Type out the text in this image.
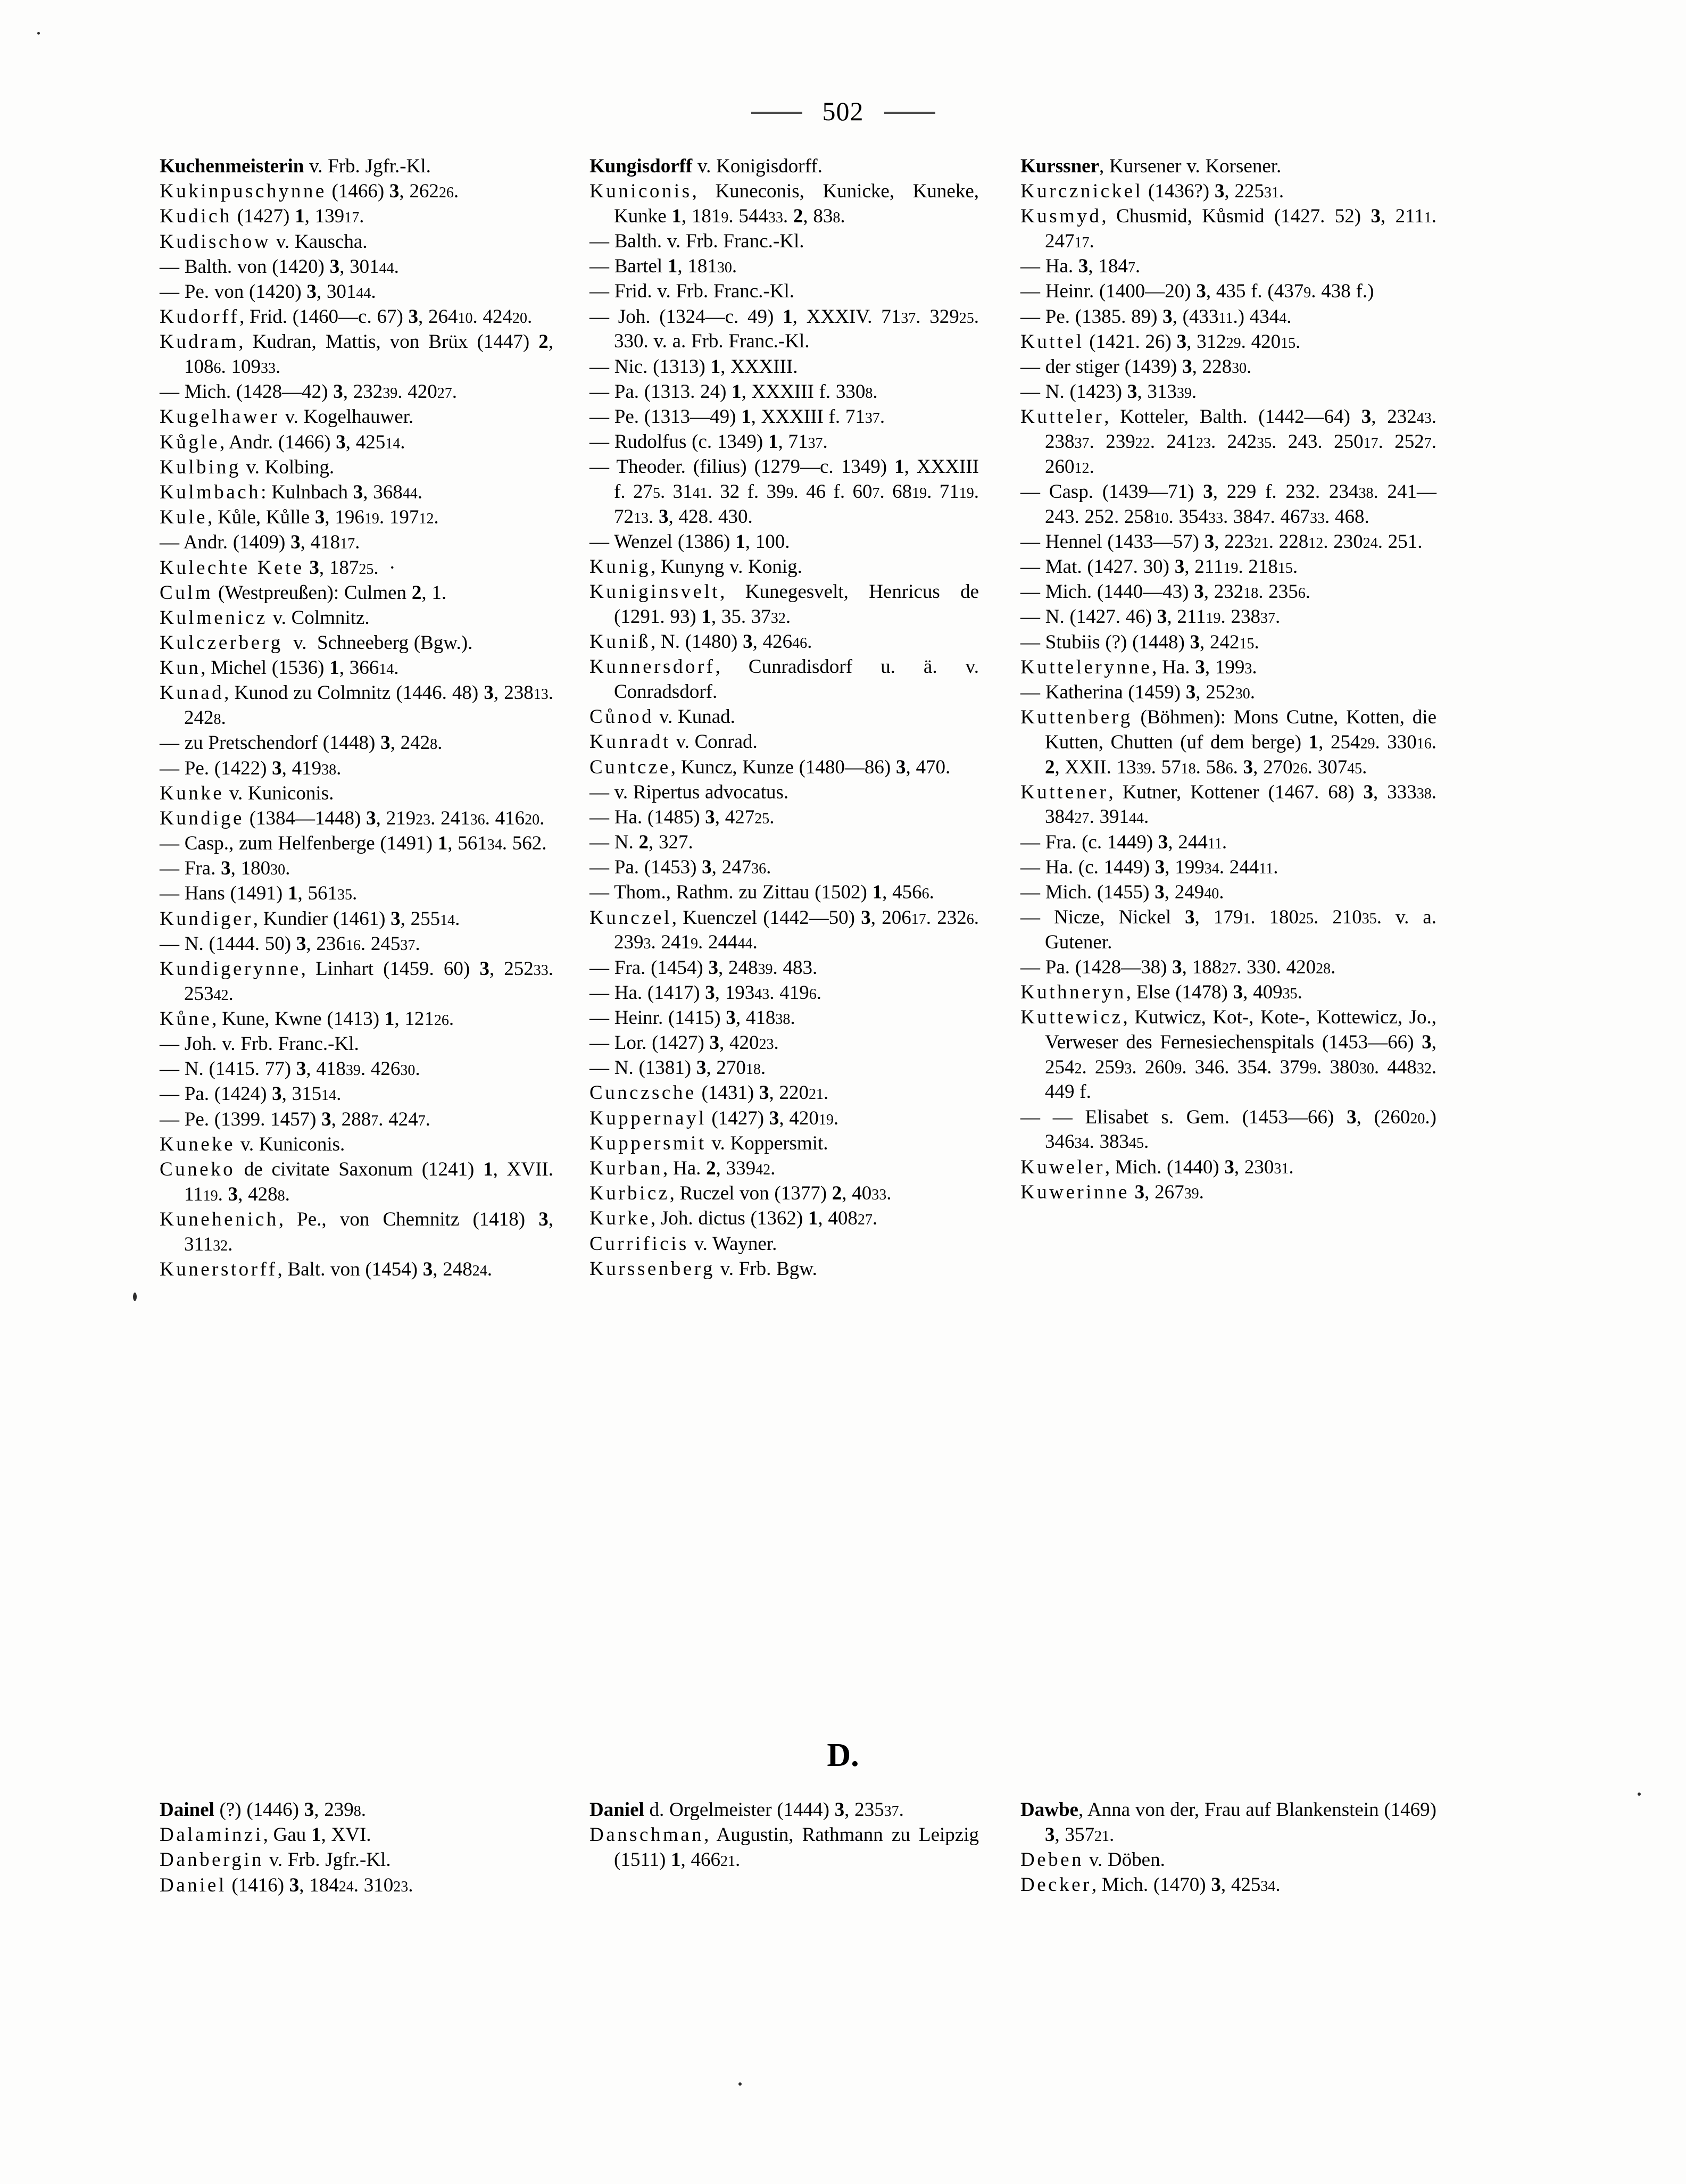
502

Kuchenmeisterin v. Frb. Jgfr.-Kl.

Kukinpuschynne (1466) 3, 26226.

Kudich (1427) 1, 13917.

Kudischow v. Kauscha.

— Balth. von (1420) 3, 30144.

— Pe. von (1420) 3, 30144.

Kudorff, Frid. (1460—c. 67) 3, 26410. 42420.

Kudram, Kudran, Mattis, von Brüx (1447) 2, 1086. 10933.

— Mich. (1428—42) 3, 23239. 42027.

Kugelhawer v. Kogelhauwer.

Kůgle, Andr. (1466) 3, 42514.

Kulbing v. Kolbing.

Kulmbach: Kulnbach 3, 36844.

Kule, Kůle, Kůlle 3, 19619. 19712.

— Andr. (1409) 3, 41817.

Kulechte Kete 3, 18725.  ·

Culm (Westpreußen): Culmen 2, 1.

Kulmenicz v. Colmnitz.

Kulczerberg  v.  Schneeberg (Bgw.).

Kun, Michel (1536) 1, 36614.

Kunad, Kunod zu Colmnitz (1446. 48) 3, 23813. 2428.

— zu Pretschendorf (1448) 3, 2428.

— Pe. (1422) 3, 41938.

Kunke v. Kuniconis.

Kundige (1384—1448) 3, 21923. 24136. 41620.

— Casp., zum Helfenberge (1491) 1, 56134. 562.

— Fra. 3, 18030.

— Hans (1491) 1, 56135.

Kundiger, Kundier (1461) 3, 25514.

— N. (1444. 50) 3, 23616. 24537.

Kundigerynne, Linhart (1459. 60) 3, 25233. 25342.

Kůne, Kune, Kwne (1413) 1, 12126.

— Joh. v. Frb. Franc.-Kl.

— N. (1415. 77) 3, 41839. 42630.

— Pa. (1424) 3, 31514.

— Pe. (1399. 1457) 3, 2887. 4247.

Kuneke v. Kuniconis.

Cuneko de civitate Saxonum (1241) 1, XVII. 1119. 3, 4288.

Kunehenich, Pe., von Chemnitz (1418) 3, 31132.

Kunerstorff, Balt. von (1454) 3, 24824.

Kungisdorff v. Konigisdorff.

Kuniconis, Kuneconis, Kunicke, Kuneke, Kunke 1, 1819. 54433. 2, 838.

— Balth. v. Frb. Franc.-Kl.

— Bartel 1, 18130.

— Frid. v. Frb. Franc.-Kl.

— Joh. (1324—c. 49) 1, XXXIV. 7137. 32925. 330. v. a. Frb. Franc.-Kl.

— Nic. (1313) 1, XXXIII.

— Pa. (1313. 24) 1, XXXIII f. 3308.

— Pe. (1313—49) 1, XXXIII f. 7137.

— Rudolfus (c. 1349) 1, 7137.

— Theoder. (filius) (1279—c. 1349) 1, XXXIII f. 275. 3141. 32 f. 399. 46 f. 607. 6819. 7119. 7213. 3, 428. 430.

— Wenzel (1386) 1, 100.

Kunig, Kunyng v. Konig.

Kuniginsvelt, Kunegesvelt, Henricus de (1291. 93) 1, 35. 3732.

Kuniß, N. (1480) 3, 42646.

Kunnersdorf, Cunradisdorf u. ä. v. Conradsdorf.

Cůnod v. Kunad.

Kunradt v. Conrad.

Cuntcze, Kuncz, Kunze (1480—86) 3, 470.

— v. Ripertus advocatus.

— Ha. (1485) 3, 42725.

— N. 2, 327.

— Pa. (1453) 3, 24736.

— Thom., Rathm. zu Zittau (1502) 1, 4566.

Kunczel, Kuenczel (1442—50) 3, 20617. 2326. 2393. 2419. 24444.

— Fra. (1454) 3, 24839. 483.

— Ha. (1417) 3, 19343. 4196.

— Heinr. (1415) 3, 41838.

— Lor. (1427) 3, 42023.

— N. (1381) 3, 27018.

Cunczsche (1431) 3, 22021.

Kuppernayl (1427) 3, 42019.

Kuppersmit v. Koppersmit.

Kurban, Ha. 2, 33942.

Kurbicz, Ruczel von (1377) 2, 4033.

Kurke, Joh. dictus (1362) 1, 40827.

Currificis v. Wayner.

Kurssenberg v. Frb. Bgw.

Kurssner, Kursener v. Korsener.

Kurcznickel (1436?) 3, 22531.

Kusmyd, Chusmid, Kůsmid (1427. 52) 3, 2111. 24717.

— Ha. 3, 1847.

— Heinr. (1400—20) 3, 435 f. (4379. 438 f.)

— Pe. (1385. 89) 3, (43311.) 4344.

Kuttel (1421. 26) 3, 31229. 42015.

— der stiger (1439) 3, 22830.

— N. (1423) 3, 31339.

Kutteler, Kotteler, Balth. (1442—64) 3, 23243. 23837. 23922. 24123. 24235. 243. 25017. 2527. 26012.

— Casp. (1439—71) 3, 229 f. 232. 23438. 241—243. 252. 25810. 35433. 3847. 46733. 468.

— Hennel (1433—57) 3, 22321. 22812. 23024. 251.

— Mat. (1427. 30) 3, 21119. 21815.

— Mich. (1440—43) 3, 23218. 2356.

— N. (1427. 46) 3, 21119. 23837.

— Stubiis (?) (1448) 3, 24215.

Kuttelerynne, Ha. 3, 1993.

— Katherina (1459) 3, 25230.

Kuttenberg (Böhmen): Mons Cutne, Kotten, die Kutten, Chutten (uf dem berge) 1, 25429. 33016. 2, XXII. 1339. 5718. 586. 3, 27026. 30745.

Kuttener, Kutner, Kottener (1467. 68) 3, 33338. 38427. 39144.

— Fra. (c. 1449) 3, 24411.

— Ha. (c. 1449) 3, 19934. 24411.

— Mich. (1455) 3, 24940.

— Nicze, Nickel 3, 1791. 18025. 21035. v. a. Gutener.

— Pa. (1428—38) 3, 18827. 330. 42028.

Kuthneryn, Else (1478) 3, 40935.

Kuttewicz, Kutwicz, Kot-, Kote-, Kottewicz, Jo., Verweser des Fernesiechenspitals (1453—66) 3, 2542. 2593. 2609. 346. 354. 3799. 38030. 44832. 449 f.

— — Elisabet s. Gem. (1453—66) 3, (26020.) 34634. 38345.

Kuweler, Mich. (1440) 3, 23031.

Kuwerinne 3, 26739.

D.

Dainel (?) (1446) 3, 2398.

Dalaminzi, Gau 1, XVI.

Danbergin v. Frb. Jgfr.-Kl.

Daniel (1416) 3, 18424. 31023.

Daniel d. Orgelmeister (1444) 3, 23537.

Danschman, Augustin, Rathmann zu Leipzig (1511) 1, 46621.

Dawbe, Anna von der, Frau auf Blankenstein (1469) 3, 35721.

Deben v. Döben.

Decker, Mich. (1470) 3, 42534.
